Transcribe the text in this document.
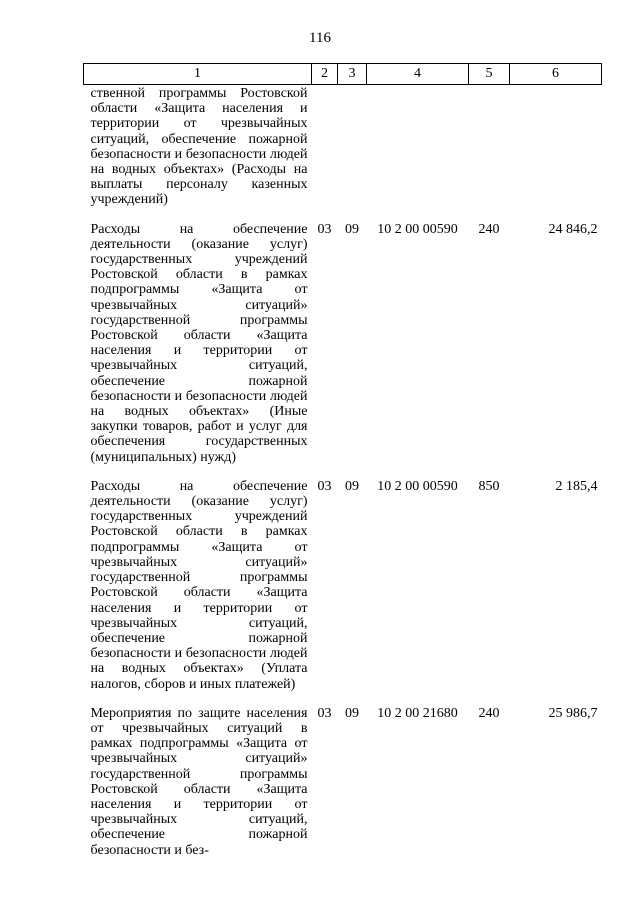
116
1	2	3	4	5	6
ственной программы Ростовской области «Защита населения и территории от чрезвычайных ситуаций, обеспечение пожарной безопасности и безопасности людей на водных объектах» (Расходы на выплаты персоналу казенных учреждений)					
Расходы на обеспечение деятельности (оказание услуг) государственных учреждений Ростовской области в рамках подпрограммы «Защита от чрезвычайных ситуаций» государственной программы Ростовской области «Защита населения и территории от чрезвычайных ситуаций, обеспечение пожарной безопасности и безопасности людей на водных объектах» (Иные закупки товаров, работ и услуг для обеспечения государственных (муниципальных) нужд)	03	09	10 2 00 00590	240	24 846,2
Расходы на обеспечение деятельности (оказание услуг) государственных учреждений Ростовской области в рамках подпрограммы «Защита от чрезвычайных ситуаций» государственной программы Ростовской области «Защита населения и территории от чрезвычайных ситуаций, обеспечение пожарной безопасности и безопасности людей на водных объектах» (Уплата налогов, сборов и иных платежей)	03	09	10 2 00 00590	850	2 185,4
Мероприятия по защите населения от чрезвычайных ситуаций в рамках подпрограммы «Защита от чрезвычайных ситуаций» государственной программы Ростовской области «Защита населения и территории от чрезвычайных ситуаций, обеспечение пожарной безопасности и без-	03	09	10 2 00 21680	240	25 986,7
